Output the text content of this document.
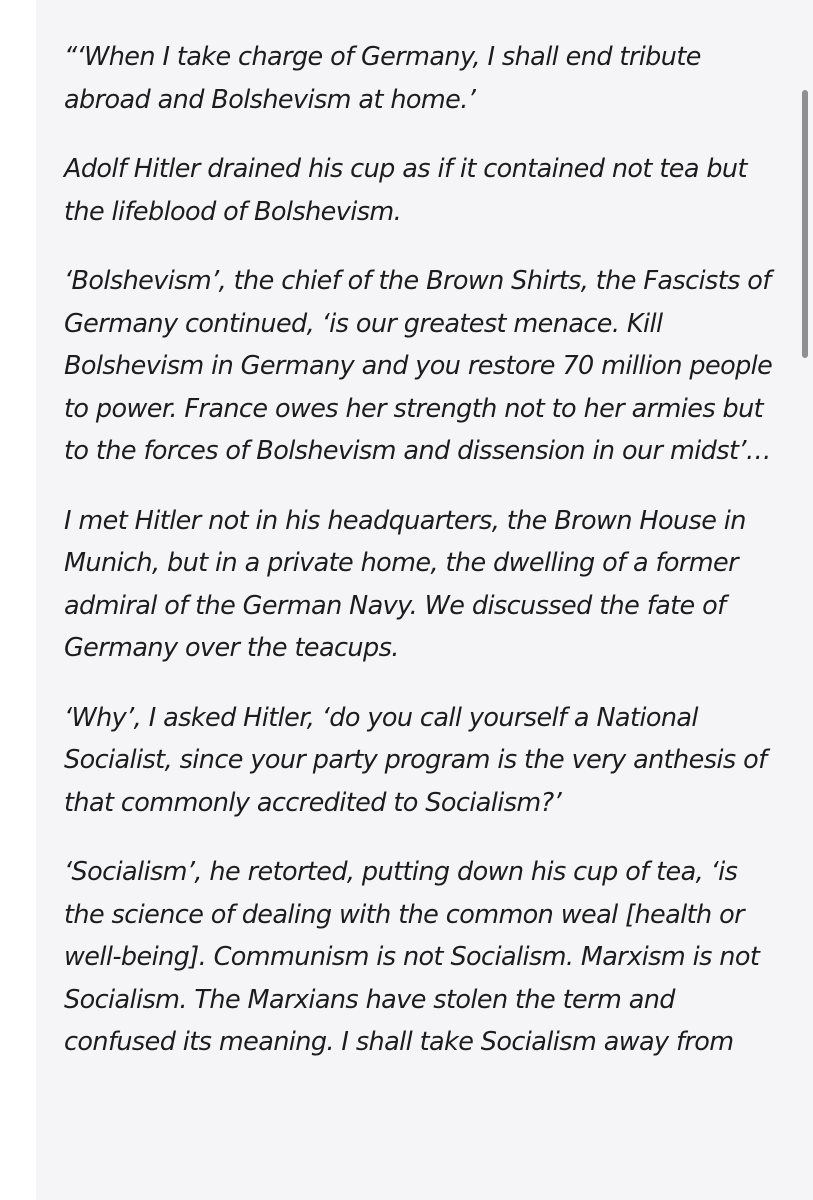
“‘When I take charge of Germany, I shall end tribute abroad and Bolshevism at home.’

Adolf Hitler drained his cup as if it contained not tea but the lifeblood of Bolshevism.

‘Bolshevism’, the chief of the Brown Shirts, the Fascists of Germany continued, ‘is our greatest menace. Kill Bolshevism in Germany and you restore 70 million people to power. France owes her strength not to her armies but to the forces of Bolshevism and dissension in our midst’…

I met Hitler not in his headquarters, the Brown House in Munich, but in a private home, the dwelling of a former admiral of the German Navy. We discussed the fate of Germany over the teacups.

‘Why’, I asked Hitler, ‘do you call yourself a National Socialist, since your party program is the very anthesis of that commonly accredited to Socialism?’

‘Socialism’, he retorted, putting down his cup of tea, ‘is the science of dealing with the common weal [health or well-being]. Communism is not Socialism. Marxism is not Socialism. The Marxians have stolen the term and confused its meaning. I shall take Socialism away from
